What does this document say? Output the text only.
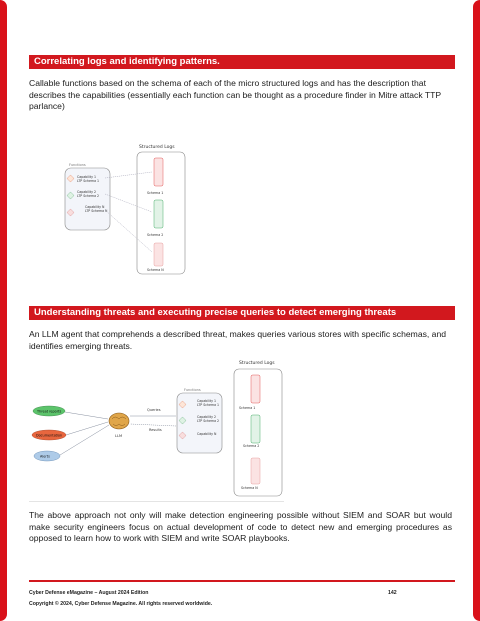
Correlating logs and identifying patterns.

Callable functions based on the schema of each of the micro structured logs and has the description that describes the capabilities (essentially each function can be thought as a procedure finder in Mitre attack TTP parlance)

Structured Logs
Functions
Capability 1 LTP Schema 1
Capability 2 LTP Schema 2
Capability N LTP Schema N
Schema 1
Schema 2
Schema N
Understanding threats and executing precise queries to detect emerging threats

An LLM agent that comprehends a described threat, makes queries various stores with specific schemas, and identifies emerging threats.

Structured Logs
Functions
Capability 1 LTP Schema 1
Capability 2 LTP Schema 2
Capability N
Schema 1
Schema 2
Schema N
Threat reports
Documentation
Alerts
LLM
Queries
Results

The above approach not only will make detection engineering possible without SIEM and SOAR but would make security engineers focus on actual development of code to detect new and emerging procedures as opposed to learn how to work with SIEM and write SOAR playbooks.

Cyber Defense eMagazine – August 2024 Edition	142
Copyright © 2024, Cyber Defense Magazine. All rights reserved worldwide.
